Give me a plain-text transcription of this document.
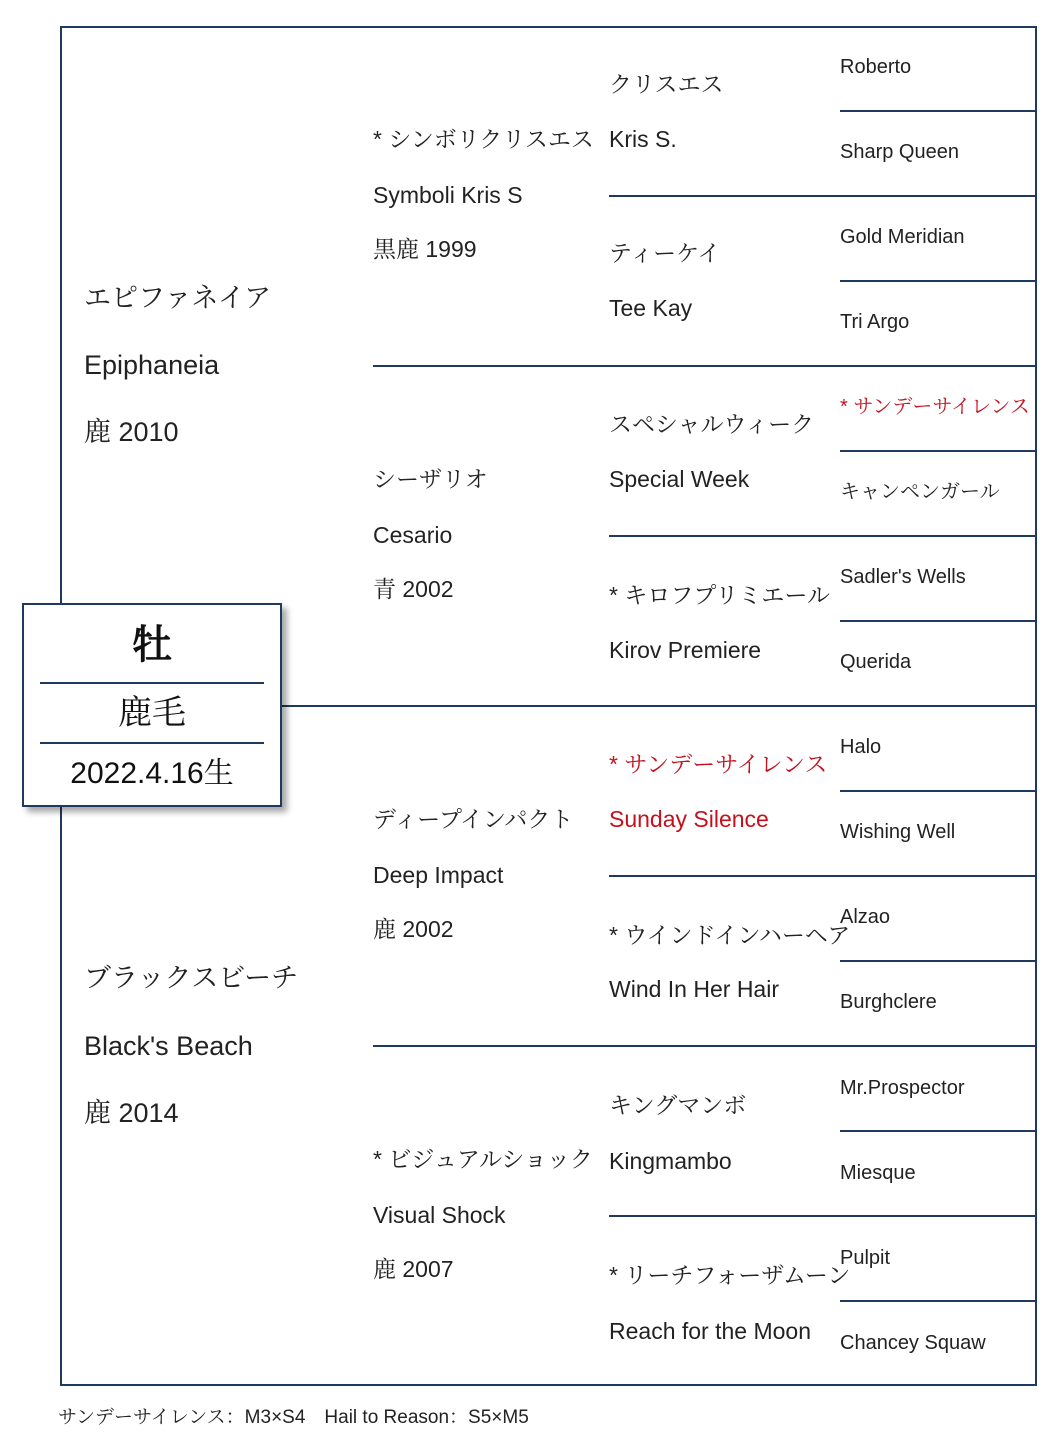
エピファネイア
Epiphaneia
鹿 2010
ブラックスビーチ
Black's Beach
鹿 2014
* シンボリクリスエス
Symboli Kris S
黒鹿 1999
シーザリオ
Cesario
青 2002
ディープインパクト
Deep Impact
鹿 2002
* ビジュアルショック
Visual Shock
鹿 2007
クリスエス
Kris S.
ティーケイ
Tee Kay
スペシャルウィーク
Special Week
* キロフプリミエール
Kirov Premiere
* サンデーサイレンス
Sunday Silence
* ウインドインハーヘア
Wind In Her Hair
キングマンボ
Kingmambo
* リーチフォーザムーン
Reach for the Moon
Roberto
Sharp Queen
Gold Meridian
Tri Argo
* サンデーサイレンス
キャンペンガール
Sadler's Wells
Querida
Halo
Wishing Well
Alzao
Burghclere
Mr.Prospector
Miesque
Pulpit
Chancey Squaw
牡
鹿毛
2022.4.16生
サンデーサイレンス：M3×S4　Hail to Reason：S5×M5
